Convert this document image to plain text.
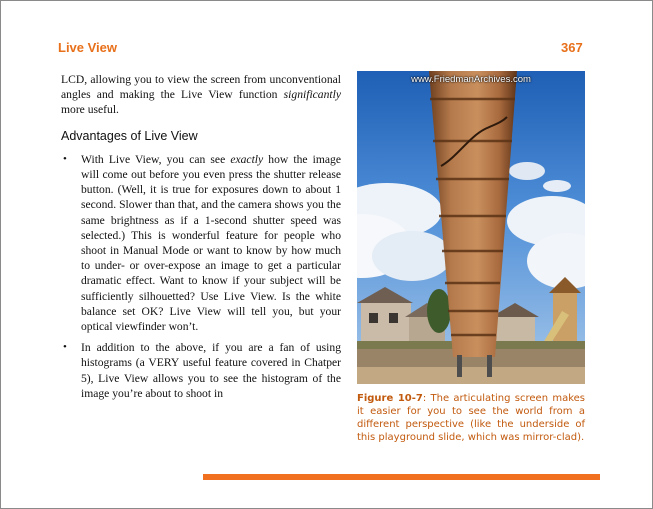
Live View	367

LCD, allowing you to view the screen from unconventional angles and making the Live View function significantly more useful.

Advantages of Live View
• With Live View, you can see exactly how the image will come out before you even press the shutter release button. (Well, it is true for exposures down to about 1 second. Slower than that, and the camera shows you the same brightness as if a 1-second shutter speed was selected.) This is wonderful feature for people who shoot in Manual Mode or want to know by how much to under- or over-expose an image to get a particular dramatic effect. Want to know if your subject will be sufficiently silhouetted? Use Live View. Is the white balance set OK? Live View will tell you, but your optical viewfinder won’t.
• In addition to the above, if you are a fan of using histograms (a VERY useful feature covered in Chatper 5), Live View allows you to see the histogram of the image you’re about to shoot in
www.FriedmanArchives.com
Figure 10-7: The articulating screen makes it easier for you to see the world from a different perspective (like the underside of this playground slide, which was mirror-clad).
